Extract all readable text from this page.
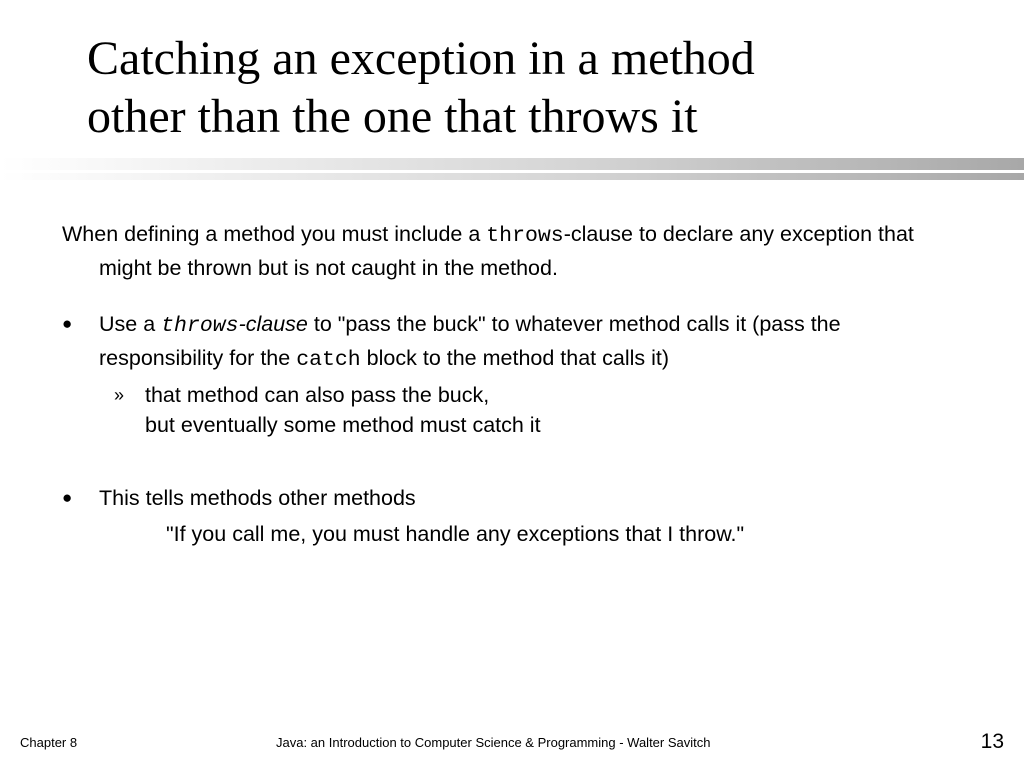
Catching an exception in a method
other than the one that throws it
When defining a method you must include a throws-clause to declare any exception that might be thrown but is not caught in the method.
●	Use a throws-clause to "pass the buck" to whatever method calls it (pass the responsibility for the catch block to the method that calls it)
» that method can also pass the buck,
but eventually some method must catch it
●	This tells methods other methods
"If you call me, you must handle any exceptions that I throw."
Chapter 8	Java: an Introduction to Computer Science & Programming - Walter Savitch	13
